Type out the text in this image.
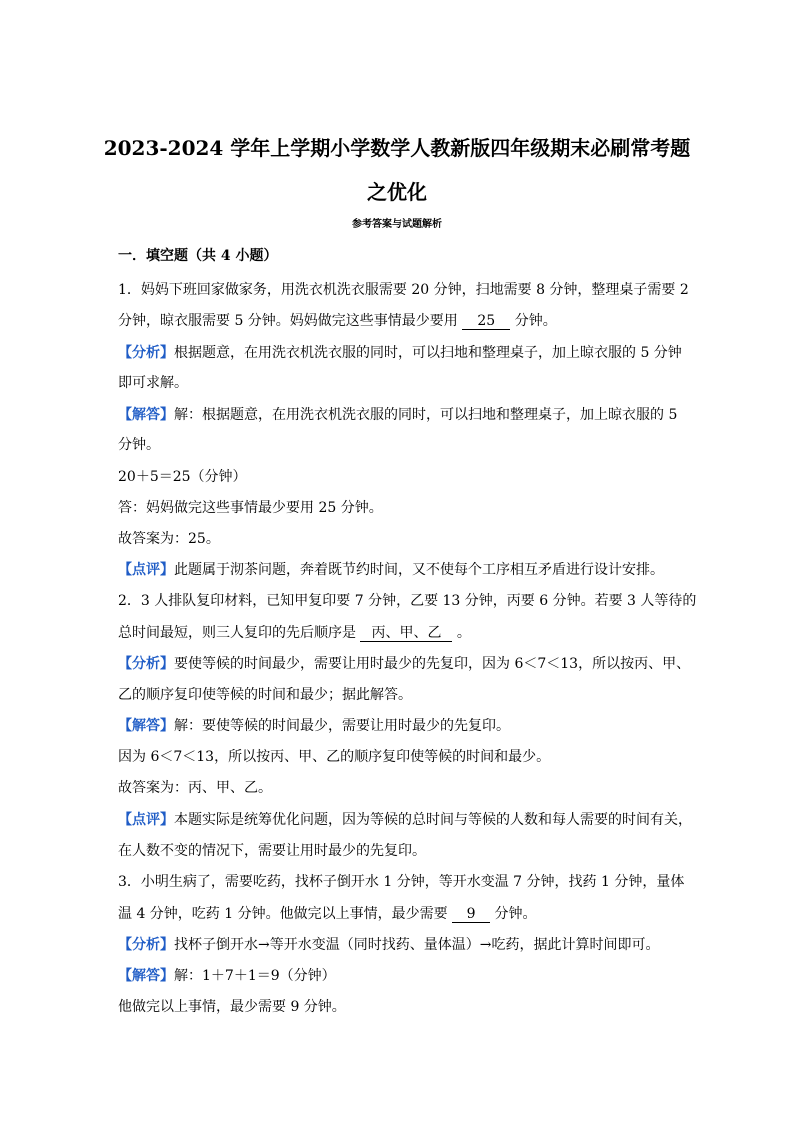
2023-2024 学年上学期小学数学人教新版四年级期末必刷常考题
之优化
参考答案与试题解析
一．填空题（共 4 小题）
1．妈妈下班回家做家务，用洗衣机洗衣服需要 20 分钟，扫地需要 8 分钟，整理桌子需要 2
分钟，晾衣服需要 5 分钟。妈妈做完这些事情最少要用 25 分钟。
【分析】根据题意，在用洗衣机洗衣服的同时，可以扫地和整理桌子，加上晾衣服的 5 分钟
即可求解。
【解答】解：根据题意，在用洗衣机洗衣服的同时，可以扫地和整理桌子，加上晾衣服的 5
分钟。
20＋5＝25（分钟）
答：妈妈做完这些事情最少要用 25 分钟。
故答案为：25。
【点评】此题属于沏茶问题，奔着既节约时间，又不使每个工序相互矛盾进行设计安排。
2．3 人排队复印材料，已知甲复印要 7 分钟，乙要 13 分钟，丙要 6 分钟。若要 3 人等待的
总时间最短，则三人复印的先后顺序是 丙、甲、乙 。
【分析】要使等候的时间最少，需要让用时最少的先复印，因为 6＜7＜13，所以按丙、甲、
乙的顺序复印使等候的时间和最少；据此解答。
【解答】解：要使等候的时间最少，需要让用时最少的先复印。
因为 6＜7＜13，所以按丙、甲、乙的顺序复印使等候的时间和最少。
故答案为：丙、甲、乙。
【点评】本题实际是统筹优化问题，因为等候的总时间与等候的人数和每人需要的时间有关，
在人数不变的情况下，需要让用时最少的先复印。
3．小明生病了，需要吃药，找杯子倒开水 1 分钟，等开水变温 7 分钟，找药 1 分钟，量体
温 4 分钟，吃药 1 分钟。他做完以上事情，最少需要 9 分钟。
【分析】找杯子倒开水→等开水变温（同时找药、量体温）→吃药，据此计算时间即可。
【解答】解：1＋7＋1＝9（分钟）
他做完以上事情，最少需要 9 分钟。
